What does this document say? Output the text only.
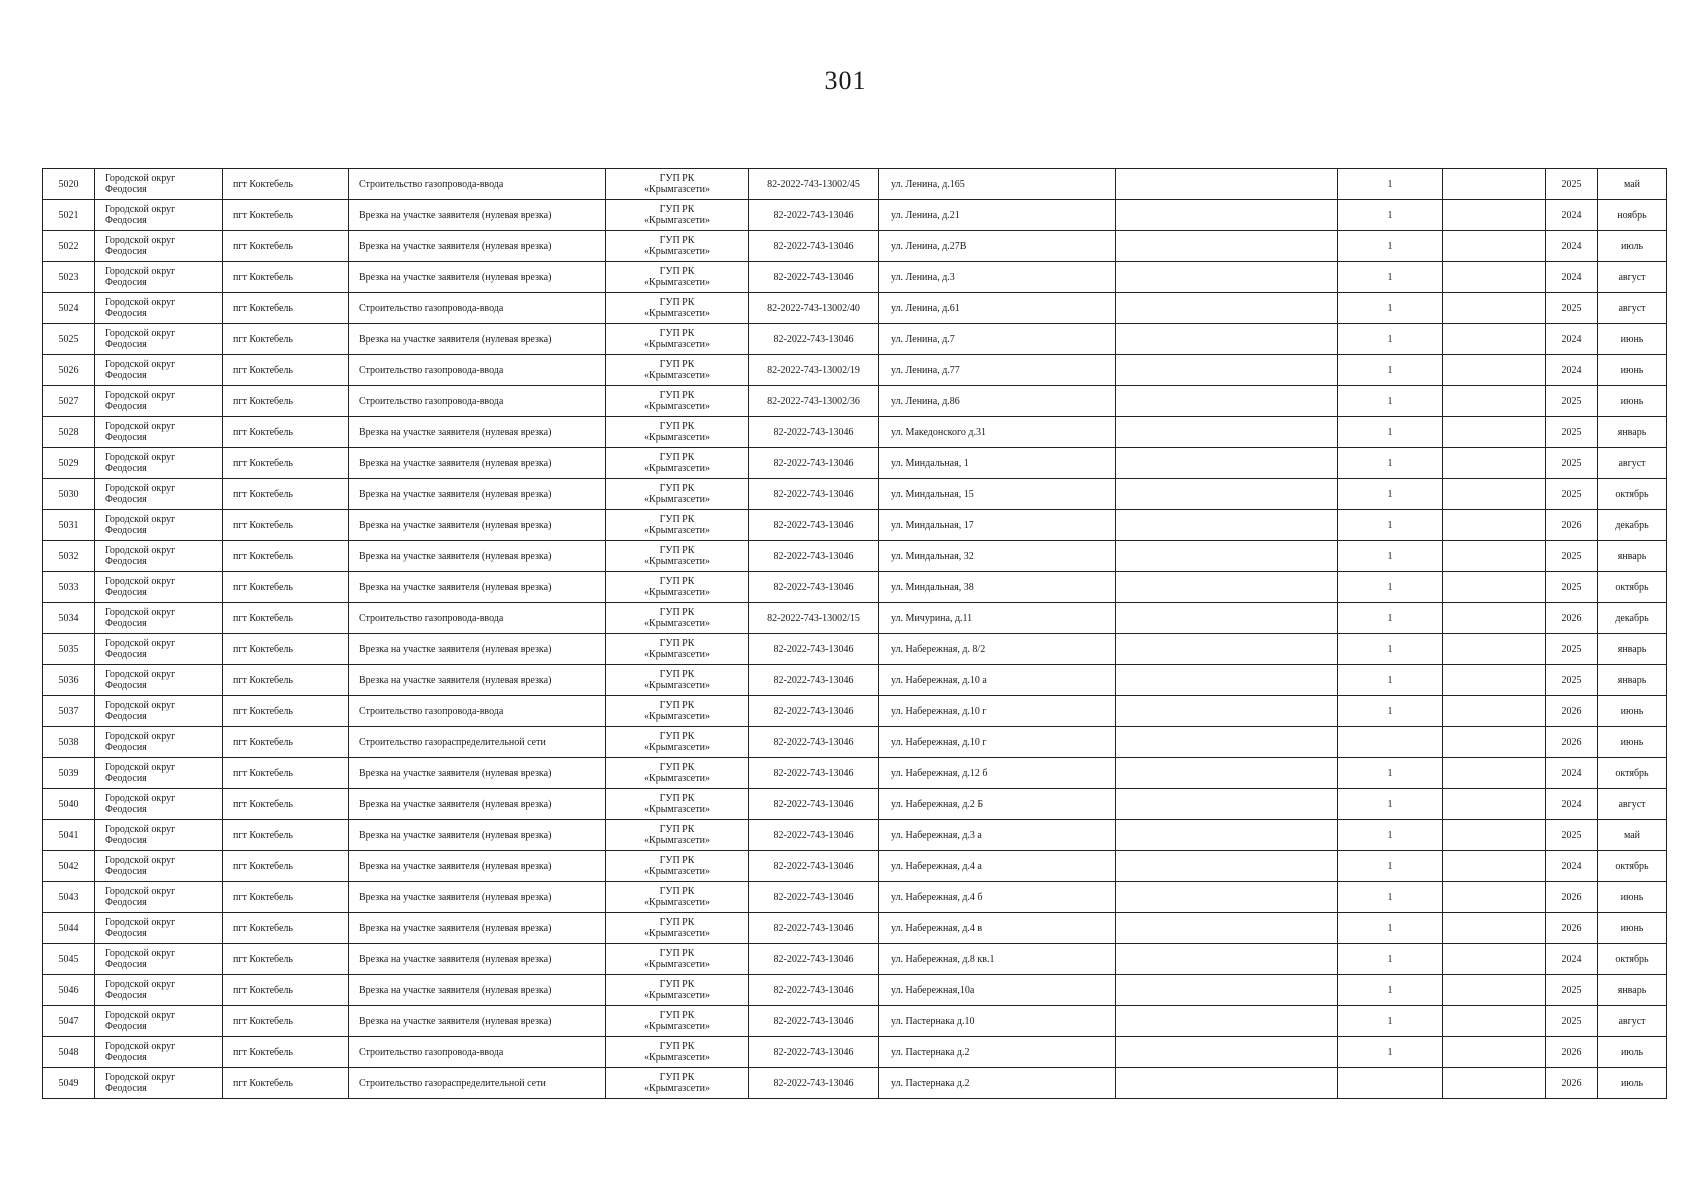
301
5020	Городской округ
Феодосия	пгт Коктебель	Строительство газопровода-ввода	ГУП РК
«Крымгазсети»	82-2022-743-13002/45	ул. Ленина, д.165		1		2025	май
5021	Городской округ
Феодосия	пгт Коктебель	Врезка на участке заявителя (нулевая врезка)	ГУП РК
«Крымгазсети»	82-2022-743-13046	ул. Ленина, д.21		1		2024	ноябрь
5022	Городской округ
Феодосия	пгт Коктебель	Врезка на участке заявителя (нулевая врезка)	ГУП РК
«Крымгазсети»	82-2022-743-13046	ул. Ленина, д.27В		1		2024	июль
5023	Городской округ
Феодосия	пгт Коктебель	Врезка на участке заявителя (нулевая врезка)	ГУП РК
«Крымгазсети»	82-2022-743-13046	ул. Ленина, д.3		1		2024	август
5024	Городской округ
Феодосия	пгт Коктебель	Строительство газопровода-ввода	ГУП РК
«Крымгазсети»	82-2022-743-13002/40	ул. Ленина, д.61		1		2025	август
5025	Городской округ
Феодосия	пгт Коктебель	Врезка на участке заявителя (нулевая врезка)	ГУП РК
«Крымгазсети»	82-2022-743-13046	ул. Ленина, д.7		1		2024	июнь
5026	Городской округ
Феодосия	пгт Коктебель	Строительство газопровода-ввода	ГУП РК
«Крымгазсети»	82-2022-743-13002/19	ул. Ленина, д.77		1		2024	июнь
5027	Городской округ
Феодосия	пгт Коктебель	Строительство газопровода-ввода	ГУП РК
«Крымгазсети»	82-2022-743-13002/36	ул. Ленина, д.86		1		2025	июнь
5028	Городской округ
Феодосия	пгт Коктебель	Врезка на участке заявителя (нулевая врезка)	ГУП РК
«Крымгазсети»	82-2022-743-13046	ул. Македонского д.31		1		2025	январь
5029	Городской округ
Феодосия	пгт Коктебель	Врезка на участке заявителя (нулевая врезка)	ГУП РК
«Крымгазсети»	82-2022-743-13046	ул. Миндальная, 1		1		2025	август
5030	Городской округ
Феодосия	пгт Коктебель	Врезка на участке заявителя (нулевая врезка)	ГУП РК
«Крымгазсети»	82-2022-743-13046	ул. Миндальная, 15		1		2025	октябрь
5031	Городской округ
Феодосия	пгт Коктебель	Врезка на участке заявителя (нулевая врезка)	ГУП РК
«Крымгазсети»	82-2022-743-13046	ул. Миндальная, 17		1		2026	декабрь
5032	Городской округ
Феодосия	пгт Коктебель	Врезка на участке заявителя (нулевая врезка)	ГУП РК
«Крымгазсети»	82-2022-743-13046	ул. Миндальная, 32		1		2025	январь
5033	Городской округ
Феодосия	пгт Коктебель	Врезка на участке заявителя (нулевая врезка)	ГУП РК
«Крымгазсети»	82-2022-743-13046	ул. Миндальная, 38		1		2025	октябрь
5034	Городской округ
Феодосия	пгт Коктебель	Строительство газопровода-ввода	ГУП РК
«Крымгазсети»	82-2022-743-13002/15	ул. Мичурина, д.11		1		2026	декабрь
5035	Городской округ
Феодосия	пгт Коктебель	Врезка на участке заявителя (нулевая врезка)	ГУП РК
«Крымгазсети»	82-2022-743-13046	ул. Набережная, д. 8/2		1		2025	январь
5036	Городской округ
Феодосия	пгт Коктебель	Врезка на участке заявителя (нулевая врезка)	ГУП РК
«Крымгазсети»	82-2022-743-13046	ул. Набережная, д.10 а		1		2025	январь
5037	Городской округ
Феодосия	пгт Коктебель	Строительство газопровода-ввода	ГУП РК
«Крымгазсети»	82-2022-743-13046	ул. Набережная, д.10 г		1		2026	июнь
5038	Городской округ
Феодосия	пгт Коктебель	Строительство газораспределительной сети	ГУП РК
«Крымгазсети»	82-2022-743-13046	ул. Набережная, д.10 г				2026	июнь
5039	Городской округ
Феодосия	пгт Коктебель	Врезка на участке заявителя (нулевая врезка)	ГУП РК
«Крымгазсети»	82-2022-743-13046	ул. Набережная, д.12 б		1		2024	октябрь
5040	Городской округ
Феодосия	пгт Коктебель	Врезка на участке заявителя (нулевая врезка)	ГУП РК
«Крымгазсети»	82-2022-743-13046	ул. Набережная, д.2 Б		1		2024	август
5041	Городской округ
Феодосия	пгт Коктебель	Врезка на участке заявителя (нулевая врезка)	ГУП РК
«Крымгазсети»	82-2022-743-13046	ул. Набережная, д.3 а		1		2025	май
5042	Городской округ
Феодосия	пгт Коктебель	Врезка на участке заявителя (нулевая врезка)	ГУП РК
«Крымгазсети»	82-2022-743-13046	ул. Набережная, д.4 а		1		2024	октябрь
5043	Городской округ
Феодосия	пгт Коктебель	Врезка на участке заявителя (нулевая врезка)	ГУП РК
«Крымгазсети»	82-2022-743-13046	ул. Набережная, д.4 б		1		2026	июнь
5044	Городской округ
Феодосия	пгт Коктебель	Врезка на участке заявителя (нулевая врезка)	ГУП РК
«Крымгазсети»	82-2022-743-13046	ул. Набережная, д.4 в		1		2026	июнь
5045	Городской округ
Феодосия	пгт Коктебель	Врезка на участке заявителя (нулевая врезка)	ГУП РК
«Крымгазсети»	82-2022-743-13046	ул. Набережная, д.8 кв.1		1		2024	октябрь
5046	Городской округ
Феодосия	пгт Коктебель	Врезка на участке заявителя (нулевая врезка)	ГУП РК
«Крымгазсети»	82-2022-743-13046	ул. Набережная,10а		1		2025	январь
5047	Городской округ
Феодосия	пгт Коктебель	Врезка на участке заявителя (нулевая врезка)	ГУП РК
«Крымгазсети»	82-2022-743-13046	ул. Пастернака д.10		1		2025	август
5048	Городской округ
Феодосия	пгт Коктебель	Строительство газопровода-ввода	ГУП РК
«Крымгазсети»	82-2022-743-13046	ул. Пастернака д.2		1		2026	июль
5049	Городской округ
Феодосия	пгт Коктебель	Строительство газораспределительной сети	ГУП РК
«Крымгазсети»	82-2022-743-13046	ул. Пастернака д.2				2026	июль
